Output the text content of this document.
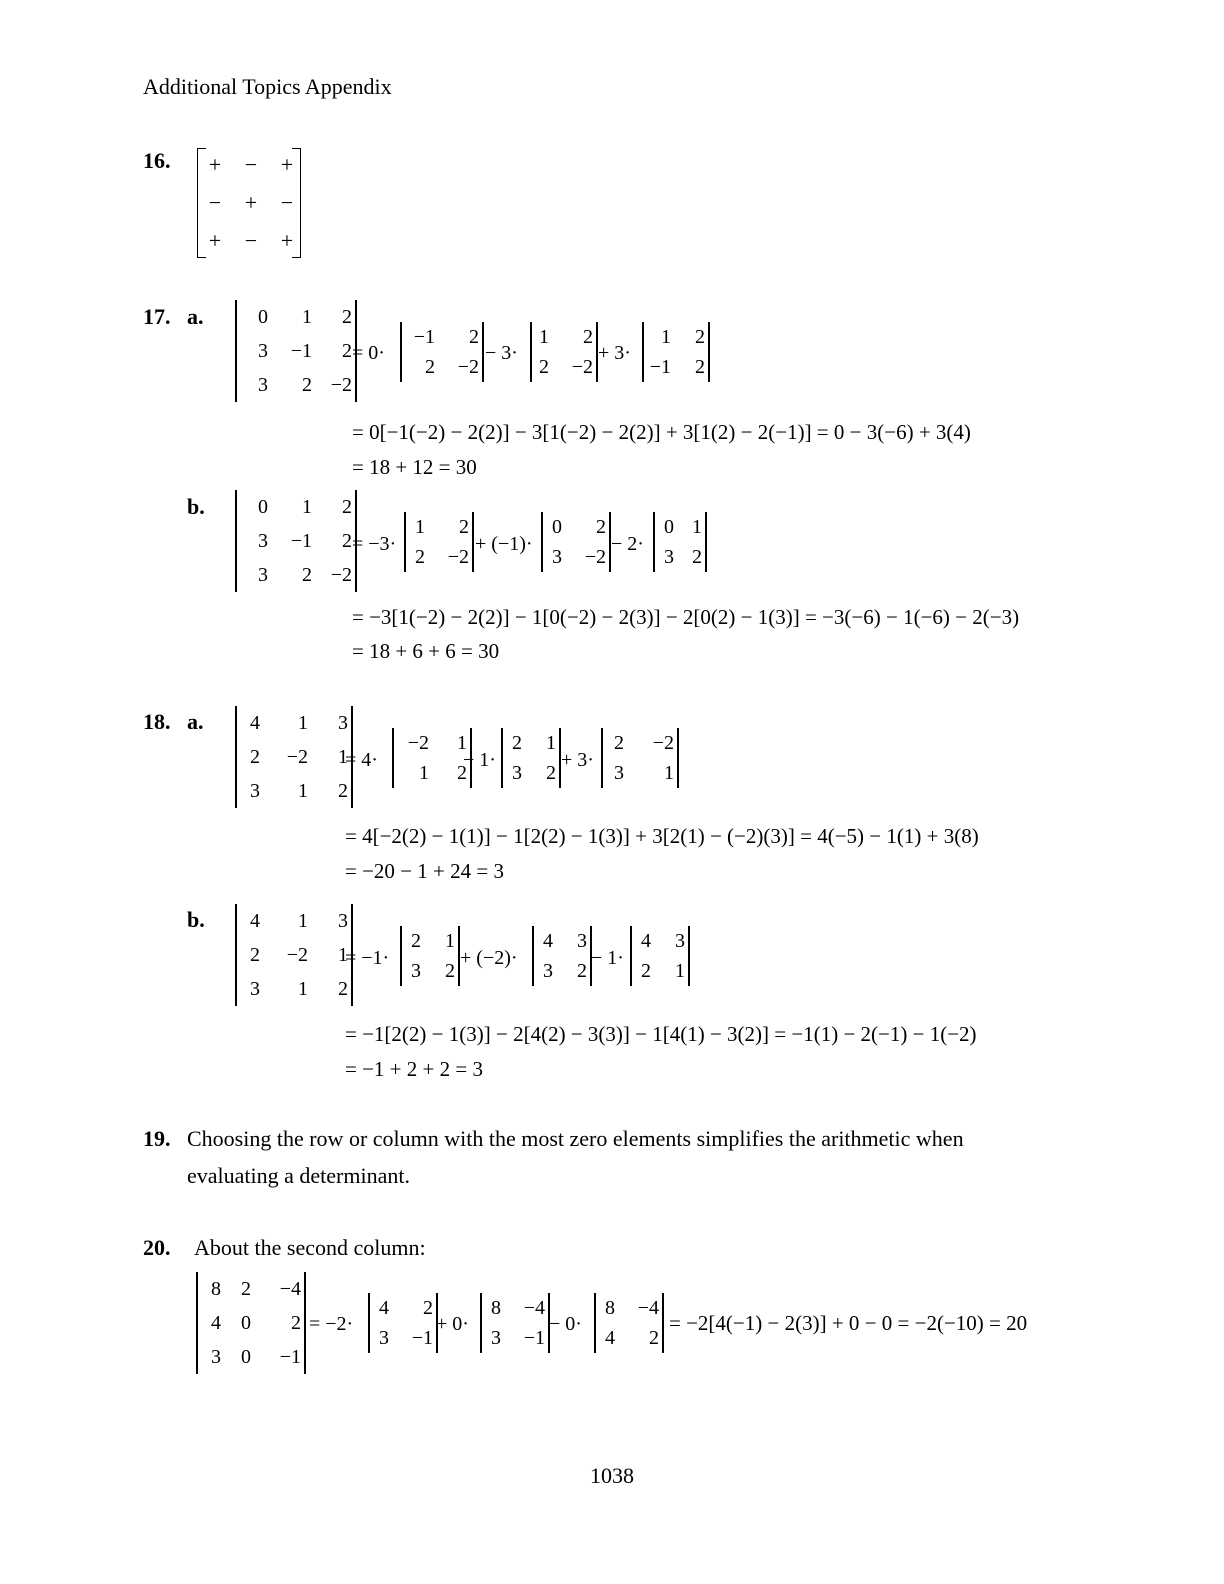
Additional Topics Appendix
16.	+	−	+
−	+	−
+	−	+
17. a.	0	1	2
3	−1	2
3	2 −2
= 0·
−1	2
2	−2
− 3·
1	2
2	−2
+ 3·
1	2
−1	2
= 0[−1(−2) − 2(2)] − 3[1(−2) − 2(2)] + 3[1(2) − 2(−1)] = 0 − 3(−6) + 3(4)
= 18 + 12 = 30
b.	0	1	2
3	−1	2
3	2 −2
= −3·
1	2
2	−2
+ (−1)·
0	2
3	−2
− 2·
0 1
3 2
= −3[1(−2) − 2(2)] − 1[0(−2) − 2(3)] − 2[0(2) − 1(3)] = −3(−6) − 1(−6) − 2(−3)
= 18 + 6 + 6 = 30
18. a.	4	1	3
2	−2	1
3	1	2
= 4·
−2	1
1	2
− 1·
2	1
3	2
+ 3·
2	−2
3	1
= 4[−2(2) − 1(1)] − 1[2(2) − 1(3)] + 3[2(1) − (−2)(3)] = 4(−5) − 1(1) + 3(8)
= −20 − 1 + 24 = 3
b.	4	1	3
2	−2	1
3	1	2
= −1·
2	1
3	2
+ (−2)·
4	3
3	2
− 1·
4	3
2	1
= −1[2(2) − 1(3)] − 2[4(2) − 3(3)] − 1[4(1) − 3(2)] = −1(1) − 2(−1) − 1(−2)
= −1 + 2 + 2 = 3
19. Choosing the row or column with the most zero elements simplifies the arithmetic when
evaluating a determinant.
20. About the second column:
8	2	−4
4	0	2
3	0	−1
= −2·
4	2
3	−1
+ 0·
8	−4
3	−1
− 0·
8	−4
4	2
= −2[4(−1) − 2(3)] + 0 − 0 = −2(−10) = 20
1038
